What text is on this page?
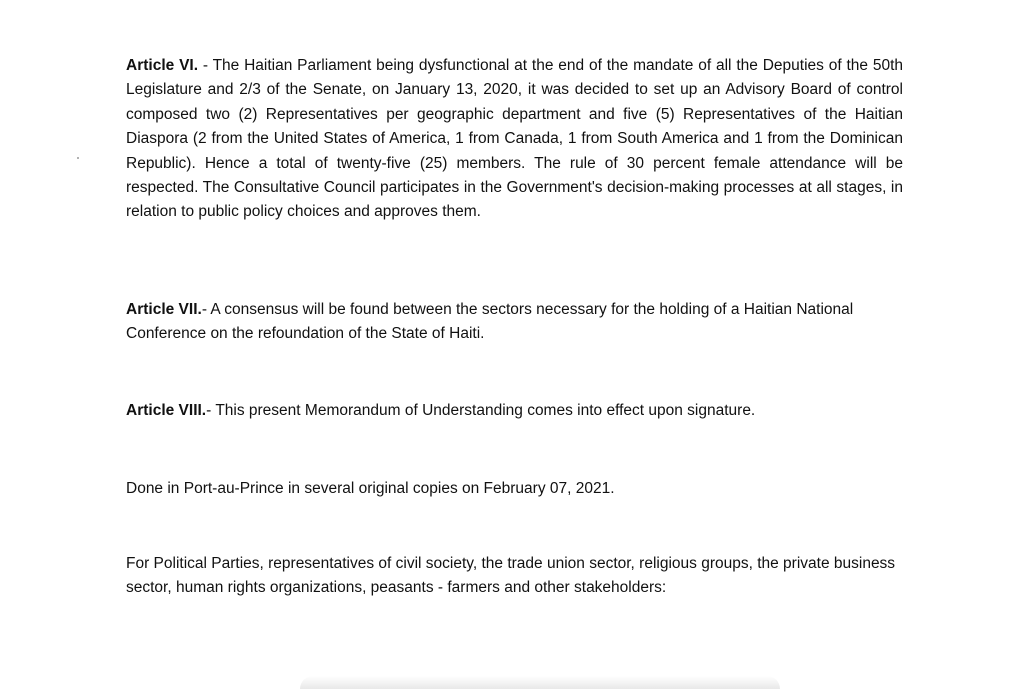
Article VI. - The Haitian Parliament being dysfunctional at the end of the mandate of all the Deputies of the 50th Legislature and 2/3 of the Senate, on January 13, 2020, it was decided to set up an Advisory Board of control composed two (2) Representatives per geographic department and five (5) Representatives of the Haitian Diaspora (2 from the United States of America, 1 from Canada, 1 from South America and 1 from the Dominican Republic). Hence a total of twenty-five (25) members. The rule of 30 percent female attendance will be respected. The Consultative Council participates in the Government's decision-making processes at all stages, in relation to public policy choices and approves them.

Article VII.- A consensus will be found between the sectors necessary for the holding of a Haitian National Conference on the refoundation of the State of Haiti.

Article VIII.- This present Memorandum of Understanding comes into effect upon signature.

Done in Port-au-Prince in several original copies on February 07, 2021.

For Political Parties, representatives of civil society, the trade union sector, religious groups, the private business sector, human rights organizations, peasants - farmers and other stakeholders:
